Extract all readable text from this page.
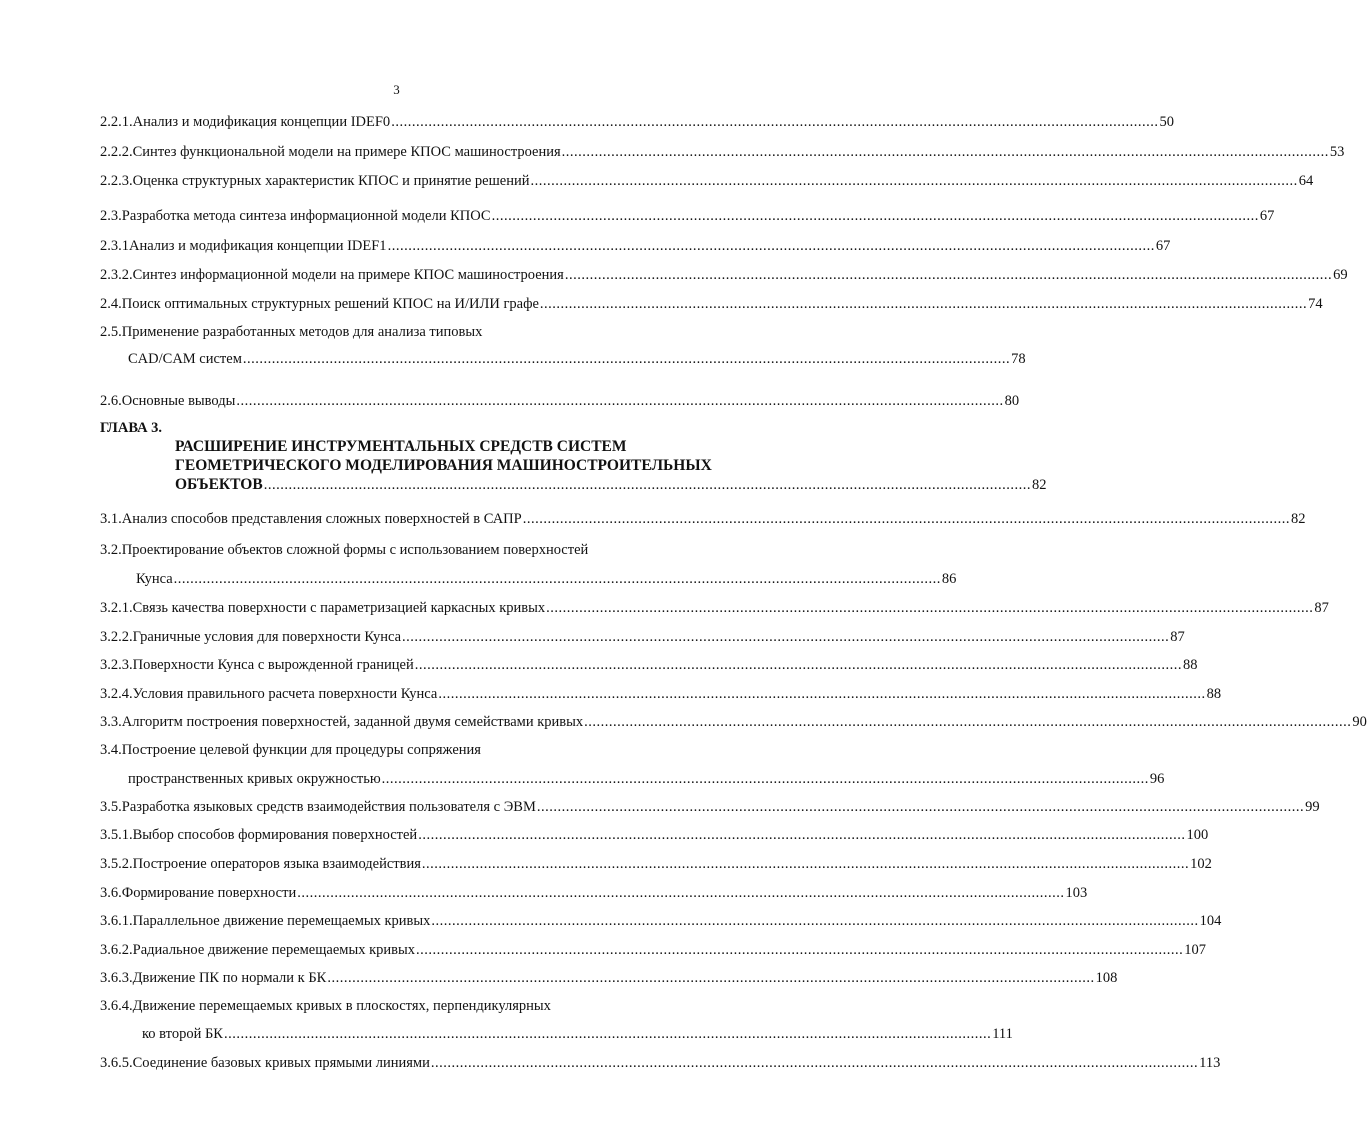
3
2.2.1.Анализ и модификация концепции IDEF0 .......................................................................................................................................................................................... 50
2.2.2.Синтез функциональной модели на примере КПОС машиностроения .......................................................................................................................................................................................... 53
2.2.3.Оценка структурных характеристик КПОС и принятие решений .......................................................................................................................................................................................... 64
2.3.Разработка метода синтеза информационной модели КПОС .......................................................................................................................................................................................... 67
2.3.1Анализ и модификация концепции IDEF1 .......................................................................................................................................................................................... 67
2.3.2.Синтез информационной модели на примере КПОС машиностроения .......................................................................................................................................................................................... 69
2.4.Поиск оптимальных структурных решений КПОС на И/ИЛИ графе .......................................................................................................................................................................................... 74
2.5.Применение разработанных методов для анализа типовых
CAD/CAM систем .......................................................................................................................................................................................... 78
2.6.Основные выводы .......................................................................................................................................................................................... 80
ГЛАВА 3.
РАСШИРЕНИЕ ИНСТРУМЕНТАЛЬНЫХ СРЕДСТВ СИСТЕМ
ГЕОМЕТРИЧЕСКОГО МОДЕЛИРОВАНИЯ МАШИНОСТРОИТЕЛЬНЫХ
ОБЪЕКТОВ .......................................................................................................................................................................................... 82
3.1.Анализ способов представления сложных поверхностей в САПР .......................................................................................................................................................................................... 82
3.2.Проектирование объектов сложной формы с использованием поверхностей
Кунса .......................................................................................................................................................................................... 86
3.2.1.Связь качества поверхности с параметризацией каркасных кривых .......................................................................................................................................................................................... 87
3.2.2.Граничные условия для поверхности Кунса .......................................................................................................................................................................................... 87
3.2.3.Поверхности Кунса с вырожденной границей .......................................................................................................................................................................................... 88
3.2.4.Условия правильного расчета поверхности Кунса .......................................................................................................................................................................................... 88
3.3.Алгоритм построения поверхностей, заданной двумя семействами кривых .......................................................................................................................................................................................... 90
3.4.Построение целевой функции для процедуры сопряжения
пространственных кривых окружностью .......................................................................................................................................................................................... 96
3.5.Разработка языковых средств взаимодействия пользователя с ЭВМ .......................................................................................................................................................................................... 99
3.5.1.Выбор способов формирования поверхностей .......................................................................................................................................................................................... 100
3.5.2.Построение операторов языка взаимодействия .......................................................................................................................................................................................... 102
3.6.Формирование поверхности .......................................................................................................................................................................................... 103
3.6.1.Параллельное движение перемещаемых кривых .......................................................................................................................................................................................... 104
3.6.2.Радиальное движение перемещаемых кривых .......................................................................................................................................................................................... 107
3.6.3.Движение ПК по нормали к БК .......................................................................................................................................................................................... 108
3.6.4.Движение перемещаемых кривых в плоскостях, перпендикулярных
ко второй БК .......................................................................................................................................................................................... 111
3.6.5.Соединение базовых кривых прямыми линиями .......................................................................................................................................................................................... 113
